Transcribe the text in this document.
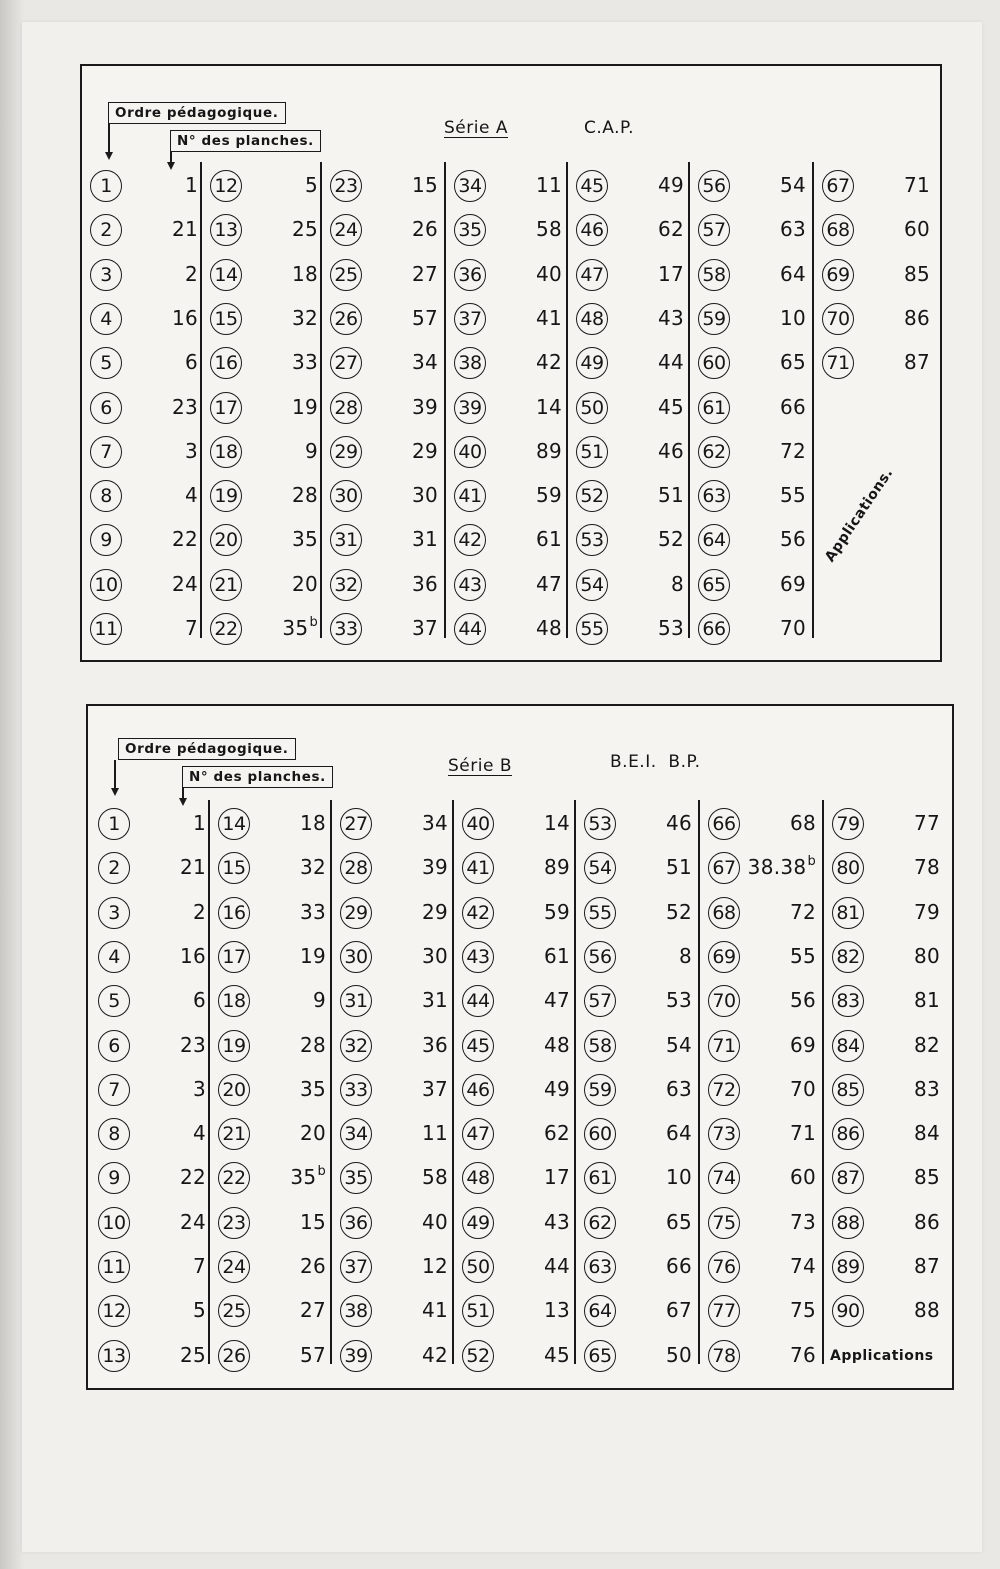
Ordre pédagogique.
N° des planches.
Série A	C.A.P.
1	1
2	21
3	2
4	16
5	6
6	23
7	3
8	4
9	22
10	24
11	7
12	5
13	25
14	18
15	32
16	33
17	19
18	9
19	28
20	35
21	20
22 35$^b$
23	15
24	26
25	27
26	57
27	34
28	39
29	29
30	30
31	31
32	36
33	37
34	11
35	58
36	40
37	41
38	42
39	14
40	89
41	59
42	61
43	47
44	48
45	49
46	62
47	17
48	43
49	44
50	45
51	46
52	51
53	52
54	8
55	53
56	54
57	63
58	64
59	10
60	65
61	66
62	72
63	55
64	56
65	69
66	70
67	71
68	60
69	85
70	86
71	87
Applications.
Ordre pédagogique.
N° des planches.
Série B	B.E.I.  B.P.
1	1
2	21
3	2
4	16
5	6
6	23
7	3
8	4
9	22
10	24
11	7
12	5
13	25
14	18
15	32
16	33
17	19
18	9
19	28
20	35
21	20
22 35$^b$
23	15
24	26
25	27
26	57
27	34
28	39
29	29
30	30
31	31
32	36
33	37
34	11
35	58
36	40
37	12
38	41
39	42
40	14
41	89
42	59
43	61
44	47
45	48
46	49
47	62
48	17
49	43
50	44
51	13
52	45
53	46
54	51
55	52
56	8
57	53
58	54
59	63
60	64
61	10
62	65
63	66
64	67
65	50
66	68
67 38.38$^b$
68	72
69	55
70	56
71	69
72	70
73	71
74	60
75	73
76	74
77	75
78	76
79	77
80	78
81	79
82	80
83	81
84	82
85	83
86	84
87	85
88	86
89	87
90	88
Applications
